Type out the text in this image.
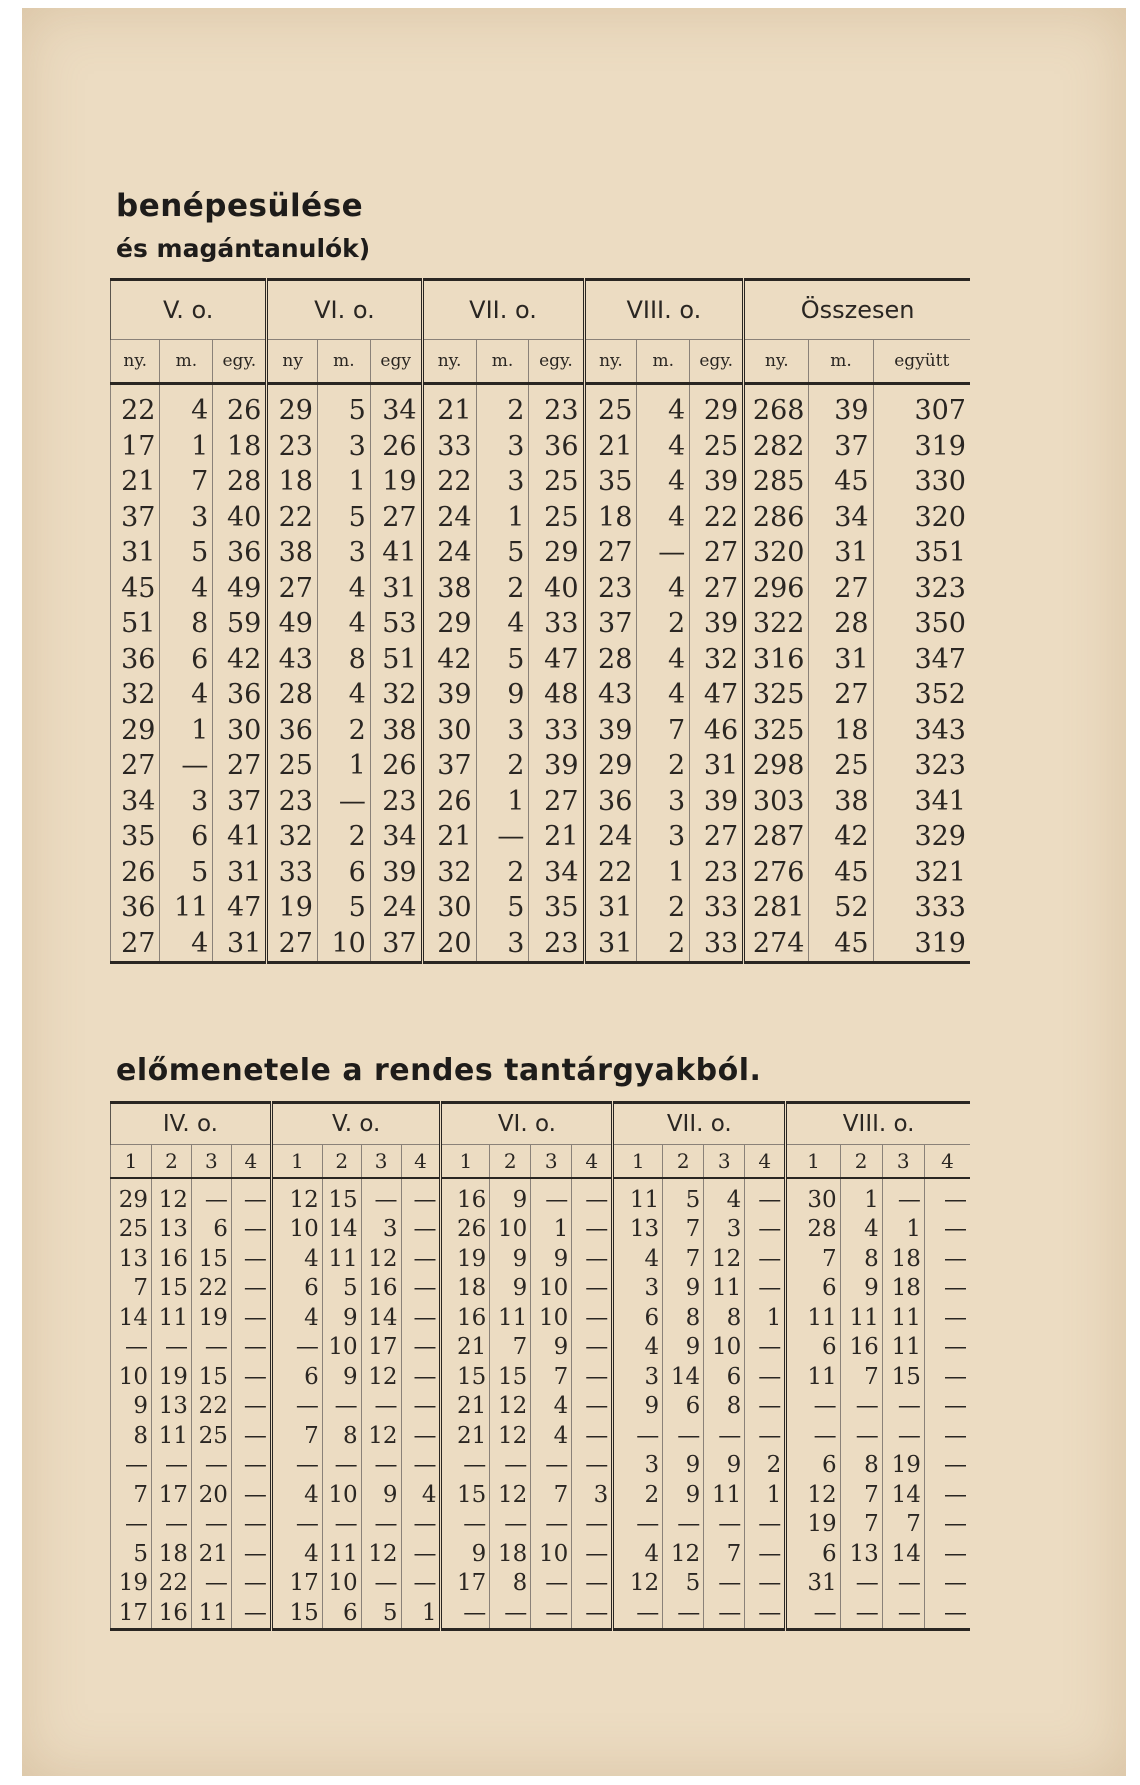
benépesülése
és magántanulók)
V. o.			VI. o.			VII. o.			VIII. o.			Összesen		
ny.	m.	egy.	ny	m.	egy	ny.	m.	egy.	ny.	m.	egy.	ny.	m.	együtt
22	4	26	29	5	34	21	2	23	25	4	29	268	39	307
17	1	18	23	3	26	33	3	36	21	4	25	282	37	319
21	7	28	18	1	19	22	3	25	35	4	39	285	45	330
37	3	40	22	5	27	24	1	25	18	4	22	286	34	320
31	5	36	38	3	41	24	5	29	27	—	27	320	31	351
45	4	49	27	4	31	38	2	40	23	4	27	296	27	323
51	8	59	49	4	53	29	4	33	37	2	39	322	28	350
36	6	42	43	8	51	42	5	47	28	4	32	316	31	347
32	4	36	28	4	32	39	9	48	43	4	47	325	27	352
29	1	30	36	2	38	30	3	33	39	7	46	325	18	343
27	—	27	25	1	26	37	2	39	29	2	31	298	25	323
34	3	37	23	—	23	26	1	27	36	3	39	303	38	341
35	6	41	32	2	34	21	—	21	24	3	27	287	42	329
26	5	31	33	6	39	32	2	34	22	1	23	276	45	321
36	11	47	19	5	24	30	5	35	31	2	33	281	52	333
27	4	31	27	10	37	20	3	23	31	2	33	274	45	319
előmenetele a rendes tantárgyakból.
IV. o.				V. o.				VI. o.				VII. o.				VIII. o.			
1	2	3	4	1	2	3	4	1	2	3	4	1	2	3	4	1	2	3	4
29	12	—	—	12	15	—	—	16	9	—	—	11	5	4	—	30	1	—	—
25	13	6	—	10	14	3	—	26	10	1	—	13	7	3	—	28	4	1	—
13	16	15	—	4	11	12	—	19	9	9	—	4	7	12	—	7	8	18	—
7	15	22	—	6	5	16	—	18	9	10	—	3	9	11	—	6	9	18	—
14	11	19	—	4	9	14	—	16	11	10	—	6	8	8	1	11	11	11	—
—	—	—	—	—	10	17	—	21	7	9	—	4	9	10	—	6	16	11	—
10	19	15	—	6	9	12	—	15	15	7	—	3	14	6	—	11	7	15	—
9	13	22	—	—	—	—	—	21	12	4	—	9	6	8	—	—	—	—	—
8	11	25	—	7	8	12	—	21	12	4	—	—	—	—	—	—	—	—	—
—	—	—	—	—	—	—	—	—	—	—	—	3	9	9	2	6	8	19	—
7	17	20	—	4	10	9	4	15	12	7	3	2	9	11	1	12	7	14	—
—	—	—	—	—	—	—	—	—	—	—	—	—	—	—	—	19	7	7	—
5	18	21	—	4	11	12	—	9	18	10	—	4	12	7	—	6	13	14	—
19	22	—	—	17	10	—	—	17	8	—	—	12	5	—	—	31	—	—	—
17	16	11	—	15	6	5	1	—	—	—	—	—	—	—	—	—	—	—	—
